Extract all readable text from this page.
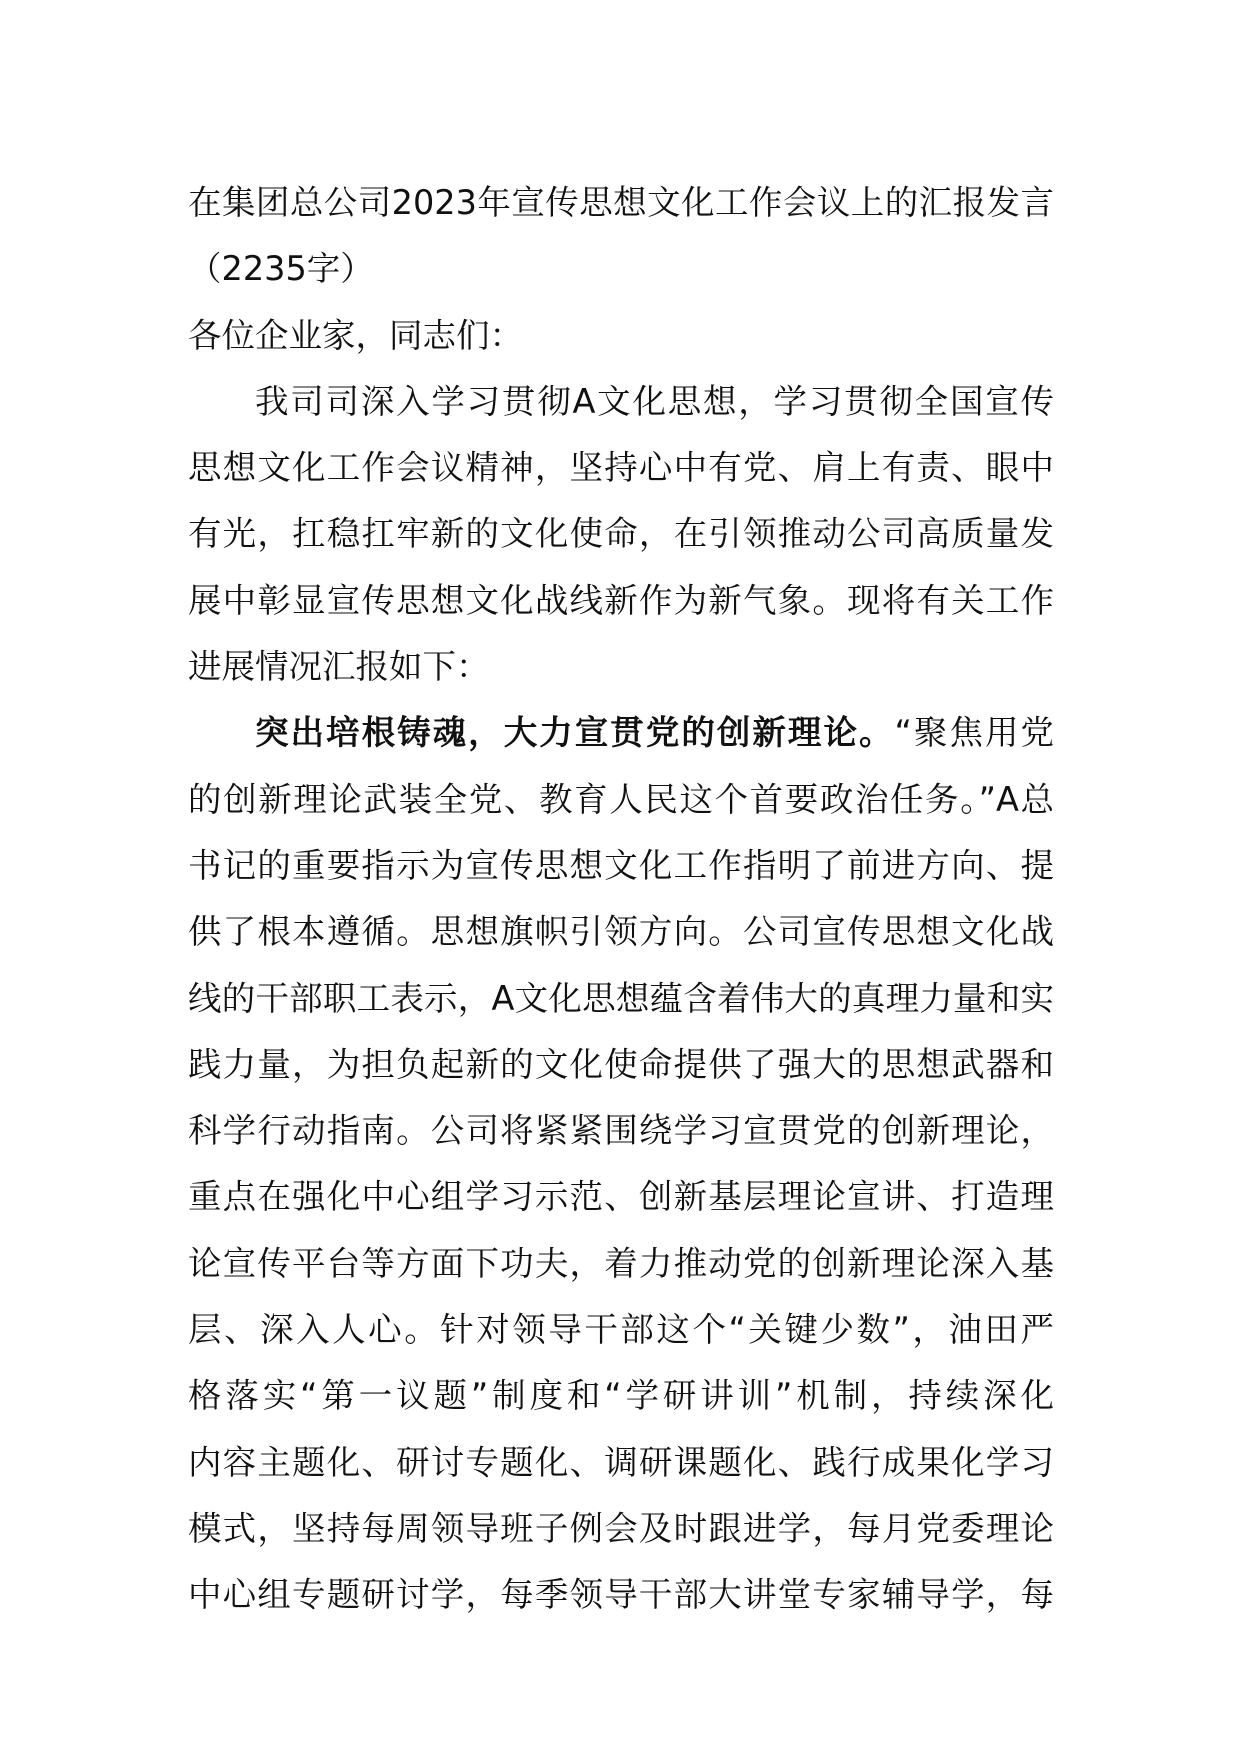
在集团总公司2023年宣传思想文化工作会议上的汇报发言
（2235字）
各位企业家，同志们：
我司司深入学习贯彻A文化思想，学习贯彻全国宣传
思想文化工作会议精神，坚持心中有党、肩上有责、眼中
有光，扛稳扛牢新的文化使命，在引领推动公司高质量发
展中彰显宣传思想文化战线新作为新气象。现将有关工作
进展情况汇报如下：
突出培根铸魂，大力宣贯党的创新理论。“聚焦用党
的创新理论武装全党、教育人民这个首要政治任务。”A总
书记的重要指示为宣传思想文化工作指明了前进方向、提
供了根本遵循。思想旗帜引领方向。公司宣传思想文化战
线的干部职工表示，A文化思想蕴含着伟大的真理力量和实
践力量，为担负起新的文化使命提供了强大的思想武器和
科学行动指南。公司将紧紧围绕学习宣贯党的创新理论，
重点在强化中心组学习示范、创新基层理论宣讲、打造理
论宣传平台等方面下功夫，着力推动党的创新理论深入基
层、深入人心。针对领导干部这个“关键少数”，油田严
格落实“第一议题”制度和“学研讲训”机制，持续深化
内容主题化、研讨专题化、调研课题化、践行成果化学习
模式，坚持每周领导班子例会及时跟进学，每月党委理论
中心组专题研讨学，每季领导干部大讲堂专家辅导学，每
